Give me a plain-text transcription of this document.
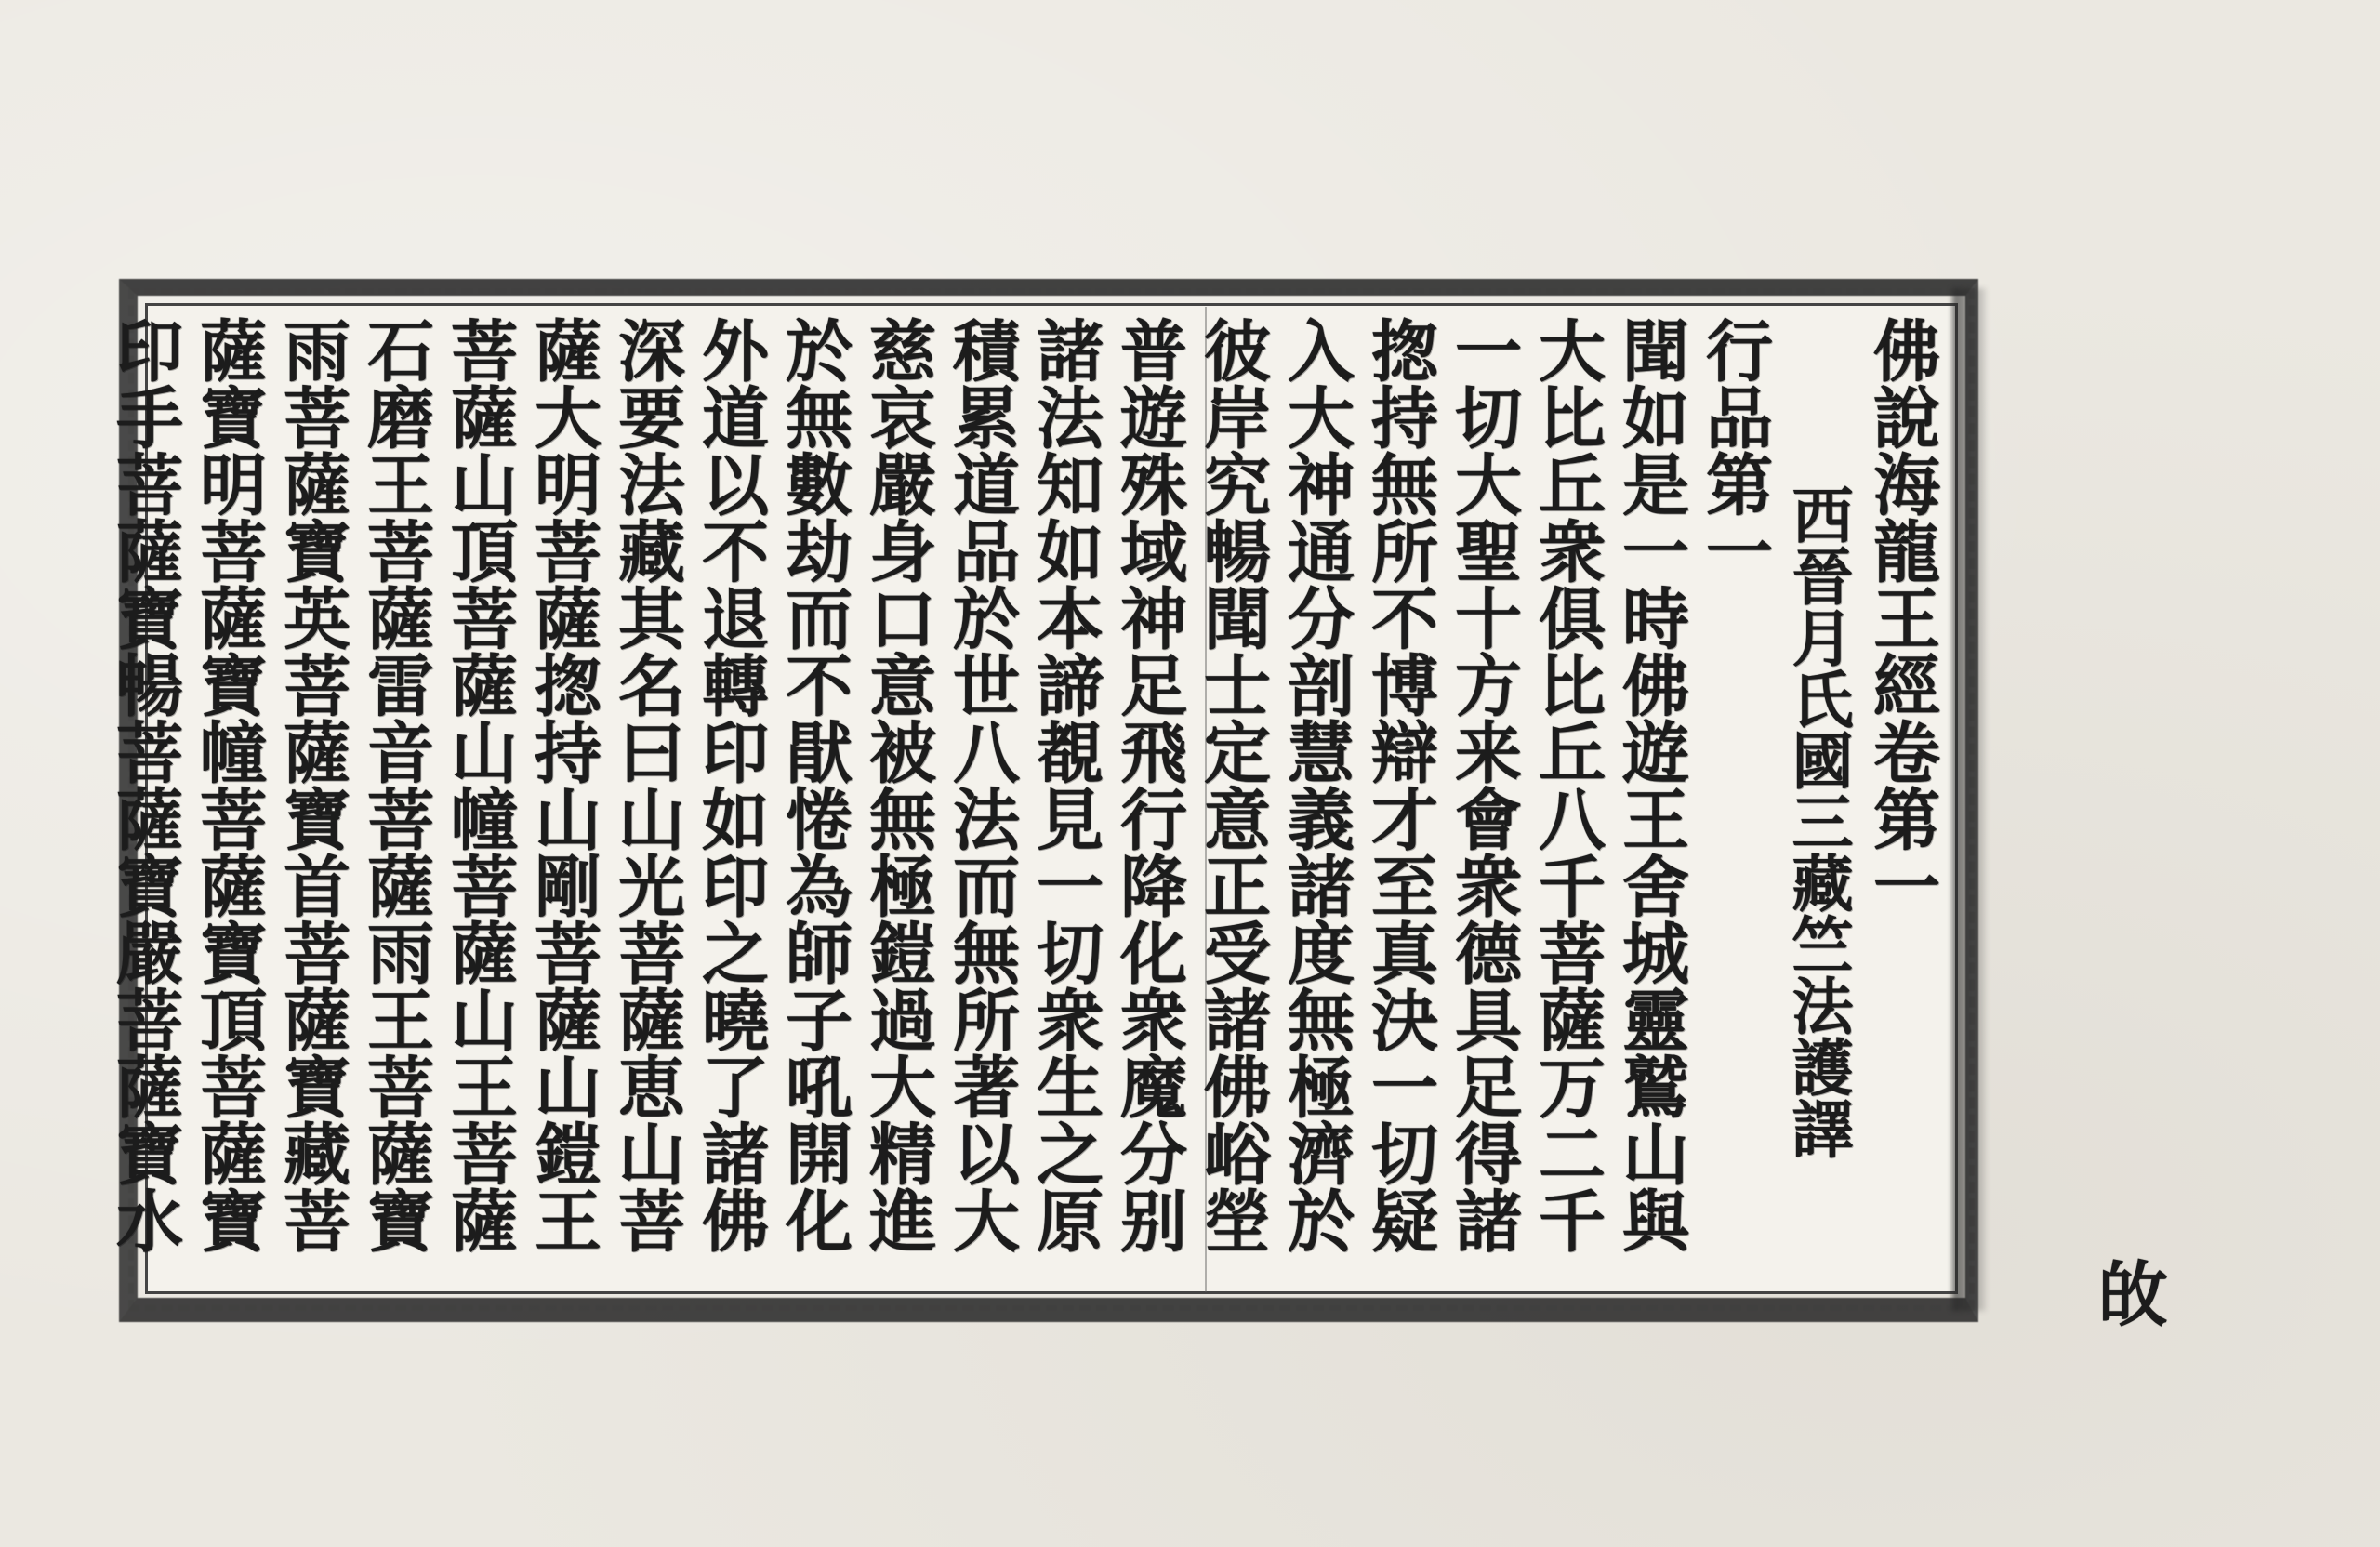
佛說海龍王經卷第一
西晉月氏國三藏竺法護譯
行品第一
聞如是一時佛遊王舍城靈鷲山與
大比丘衆俱比丘八千菩薩万二千
一切大聖十方来會衆德具足得諸
揔持無所不博辯才至真決一切疑
入大神通分剖慧義諸度無極濟於
彼岸究暢聞士定意正受諸佛峪塋
普遊殊域神足飛行降化衆魔分别
諸法知如本諦覩見一切衆生之原
積累道品於世八法而無所著以大
慈哀嚴身口意被無極鎧過大精進
於無數劫而不猒惓為師子吼開化
外道以不退轉印如印之曉了諸佛
深要法藏其名曰山光菩薩恵山菩
薩大明菩薩揔持山剛菩薩山鎧王
菩薩山頂菩薩山幢菩薩山王菩薩
石磨王菩薩雷音菩薩雨王菩薩寶
雨菩薩寶英菩薩寶首菩薩寶藏菩
薩寶明菩薩寶幢菩薩寶頂菩薩寶
印手菩薩寶暢菩薩寶嚴菩薩寶水
敀
